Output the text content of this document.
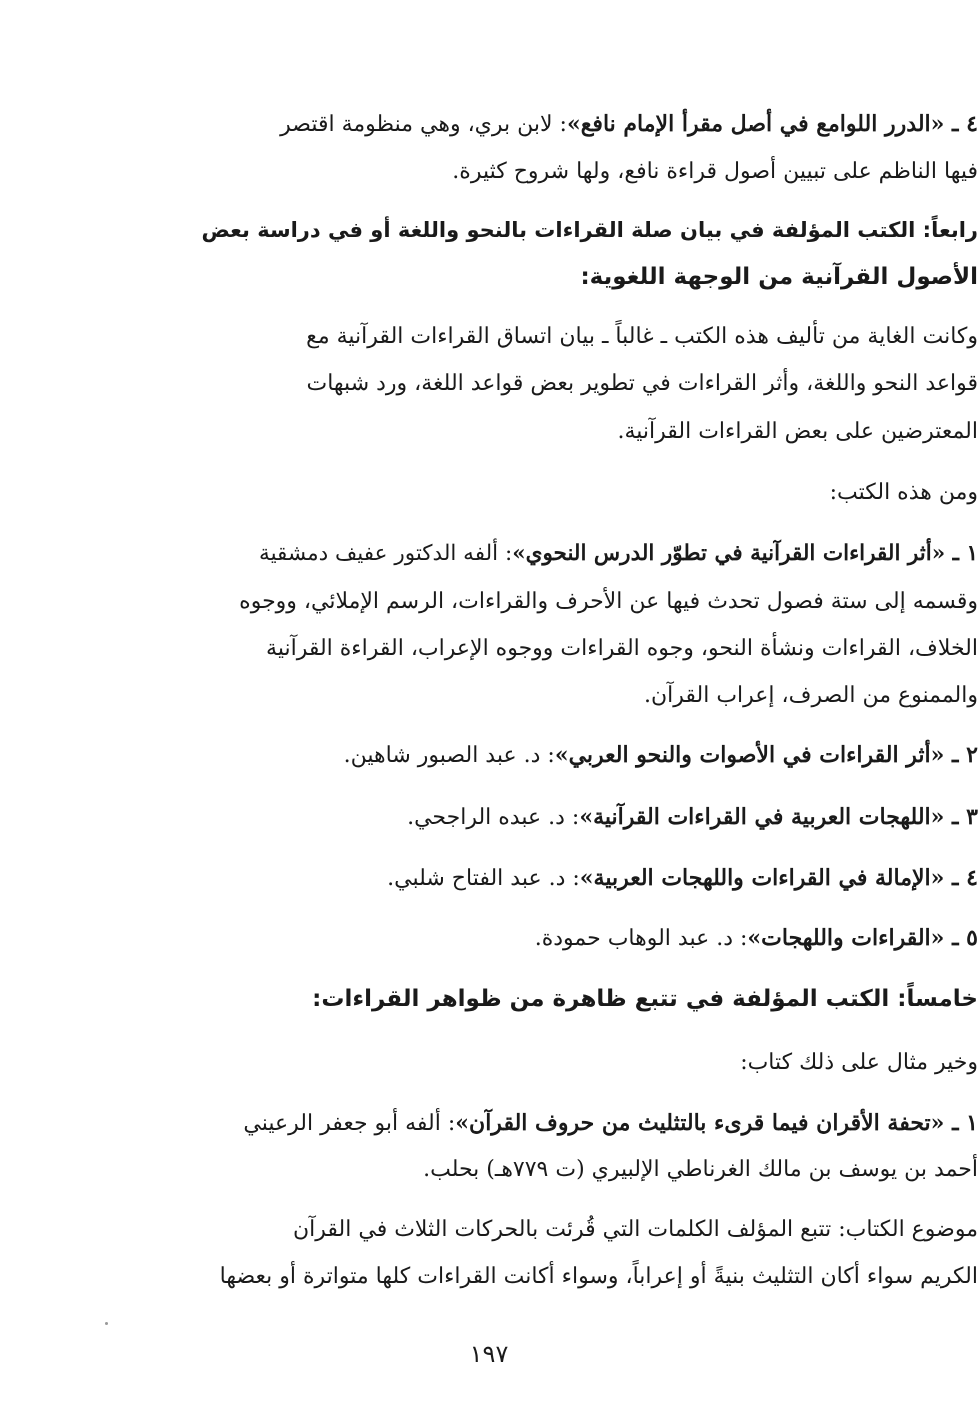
٤ ـ «الدرر اللوامع في أصل مقرأ الإمام نافع»: لابن بري، وهي منظومة اقتصر
فيها الناظم على تبيين أصول قراءة نافع، ولها شروح كثيرة.
رابعاً: الكتب المؤلفة في بيان صلة القراءات بالنحو واللغة أو في دراسة بعض
الأصول القرآنية من الوجهة اللغوية:
وكانت الغاية من تأليف هذه الكتب ـ غالباً ـ بيان اتساق القراءات القرآنية مع
قواعد النحو واللغة، وأثر القراءات في تطوير بعض قواعد اللغة، ورد شبهات
المعترضين على بعض القراءات القرآنية.
ومن هذه الكتب:
١ ـ «أثر القراءات القرآنية في تطوّر الدرس النحوي»: ألفه الدكتور عفيف دمشقية
وقسمه إلى ستة فصول تحدث فيها عن الأحرف والقراءات، الرسم الإملائي، ووجوه
الخلاف، القراءات ونشأة النحو، وجوه القراءات ووجوه الإعراب، القراءة القرآنية
والممنوع من الصرف، إعراب القرآن.
٢ ـ «أثر القراءات في الأصوات والنحو العربي»: د. عبد الصبور شاهين.
٣ ـ «اللهجات العربية في القراءات القرآنية»: د. عبده الراجحي.
٤ ـ «الإمالة في القراءات واللهجات العربية»: د. عبد الفتاح شلبي.
٥ ـ «القراءات واللهجات»: د. عبد الوهاب حمودة.
خامساً: الكتب المؤلفة في تتبع ظاهرة من ظواهر القراءات:
وخير مثال على ذلك كتاب:
١ ـ «تحفة الأقران فيما قرىء بالتثليث من حروف القرآن»: ألفه أبو جعفر الرعيني
أحمد بن يوسف بن مالك الغرناطي الإلبيري (ت ٧٧٩هـ) بحلب.
موضوع الكتاب: تتبع المؤلف الكلمات التي قُرئت بالحركات الثلاث في القرآن
الكريم سواء أكان التثليث بنيةً أو إعراباً، وسواء أكانت القراءات كلها متواترة أو بعضها
١٩٧
